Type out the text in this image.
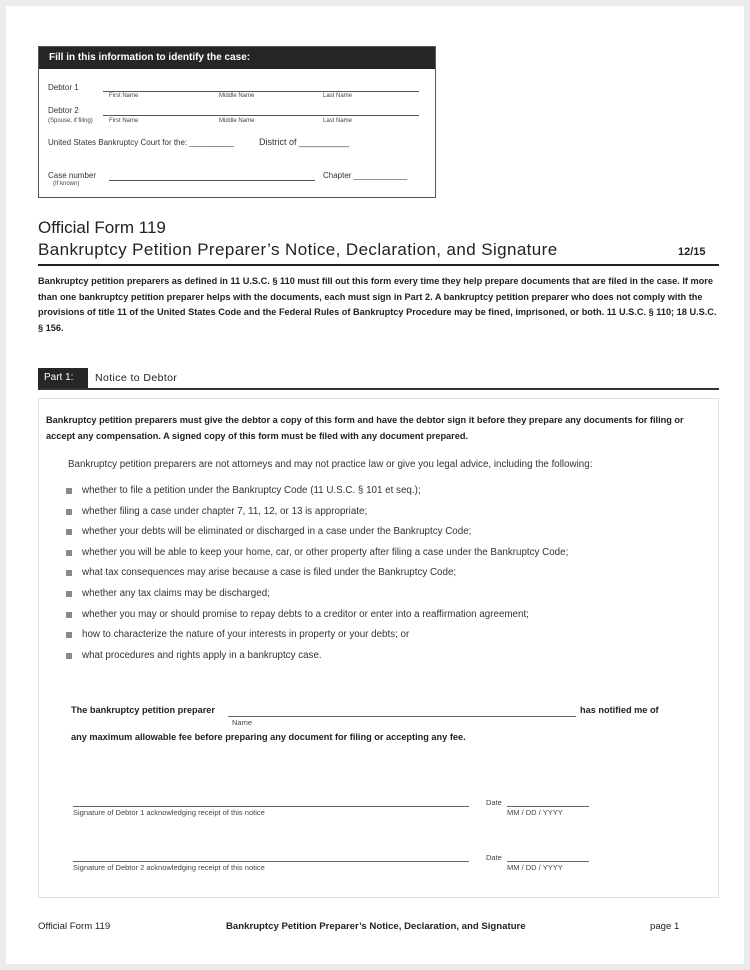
Fill in this information to identify the case:
Debtor 1
First Name	Middle Name	Last Name
Debtor 2
(Spouse, if filing)	First Name	Middle Name	Last Name
United States Bankruptcy Court for the: __________	District of __________
Case number
(If known)
Chapter ____________
Official Form 119
Bankruptcy Petition Preparer’s Notice, Declaration, and Signature	12/15
Bankruptcy petition preparers as defined in 11 U.S.C. § 110 must fill out this form every time they help prepare documents that are filed in the case. If more than one bankruptcy petition preparer helps with the documents, each must sign in Part 2. A bankruptcy petition preparer who does not comply with the provisions of title 11 of the United States Code and the Federal Rules of Bankruptcy Procedure may be fined, imprisoned, or both. 11 U.S.C. § 110; 18 U.S.C. § 156.
Part 1:	Notice to Debtor
Bankruptcy petition preparers must give the debtor a copy of this form and have the debtor sign it before they prepare any documents for filing or accept any compensation. A signed copy of this form must be filed with any document prepared.
Bankruptcy petition preparers are not attorneys and may not practice law or give you legal advice, including the following:
whether to file a petition under the Bankruptcy Code (11 U.S.C. § 101 et seq.);
whether filing a case under chapter 7, 11, 12, or 13 is appropriate;
whether your debts will be eliminated or discharged in a case under the Bankruptcy Code;
whether you will be able to keep your home, car, or other property after filing a case under the Bankruptcy Code;
what tax consequences may arise because a case is filed under the Bankruptcy Code;
whether any tax claims may be discharged;
whether you may or should promise to repay debts to a creditor or enter into a reaffirmation agreement;
how to characterize the nature of your interests in property or your debts; or
what procedures and rights apply in a bankruptcy case.
The bankruptcy petition preparer
Name
has notified me of
any maximum allowable fee before preparing any document for filing or accepting any fee.
Signature of Debtor 1 acknowledging receipt of this notice
Date
MM / DD / YYYY
Signature of Debtor 2 acknowledging receipt of this notice
Date
MM / DD / YYYY
Official Form 119	Bankruptcy Petition Preparer’s Notice, Declaration, and Signature	page 1
